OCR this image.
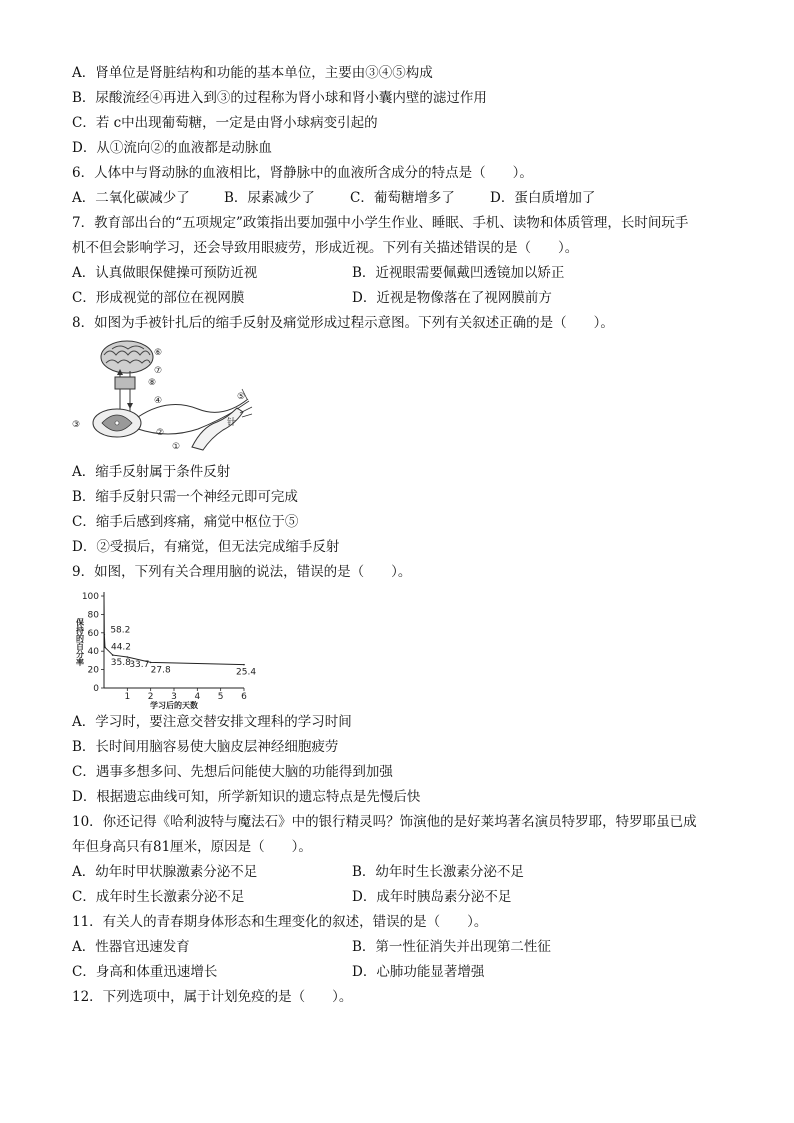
A．肾单位是肾脏结构和功能的基本单位，主要由③④⑤构成
B．尿酸流经④再进入到③的过程称为肾小球和肾小囊内壁的滤过作用
C．若 c中出现葡萄糖，一定是由肾小球病变引起的
D．从①流向②的血液都是动脉血
6．人体中与肾动脉的血液相比，肾静脉中的血液所含成分的特点是（　　）。
A．二氧化碳减少了	B．尿素减少了	C．葡萄糖增多了	D．蛋白质增加了
7．教育部出台的“五项规定”政策指出要加强中小学生作业、睡眠、手机、读物和体质管理，长时间玩手
机不但会影响学习，还会导致用眼疲劳，形成近视。下列有关描述错误的是（　　）。
A．认真做眼保健操可预防近视	B．近视眼需要佩戴凹透镜加以矫正
C．形成视觉的部位在视网膜	D．近视是物像落在了视网膜前方
8．如图为手被针扎后的缩手反射及痛觉形成过程示意图。下列有关叙述正确的是（　　）。
⑥
⑦
⑧
⑤
④
③
②
①
针
A．缩手反射属于条件反射
B．缩手反射只需一个神经元即可完成
C．缩手后感到疼痛，痛觉中枢位于⑤
D．②受损后，有痛觉，但无法完成缩手反射
9．如图，下列有关合理用脑的说法，错误的是（　　）。
0
20
40
60
80
100
1 2 3 4 5 6
学习后的天数
保持的百分率	58.2
44.2
35.8
33.7
27.8	25.4
A．学习时，要注意交替安排文理科的学习时间
B．长时间用脑容易使大脑皮层神经细胞疲劳
C．遇事多想多问、先想后问能使大脑的功能得到加强
D．根据遗忘曲线可知，所学新知识的遗忘特点是先慢后快
10．你还记得《哈利波特与魔法石》中的银行精灵吗？饰演他的是好莱坞著名演员特罗耶，特罗耶虽已成
年但身高只有81厘米，原因是（　　）。
A．幼年时甲状腺激素分泌不足	B．幼年时生长激素分泌不足
C．成年时生长激素分泌不足	D．成年时胰岛素分泌不足
11．有关人的青春期身体形态和生理变化的叙述，错误的是（　　）。
A．性器官迅速发育	B．第一性征消失并出现第二性征
C．身高和体重迅速增长	D．心肺功能显著增强
12．下列选项中，属于计划免疫的是（　　）。
